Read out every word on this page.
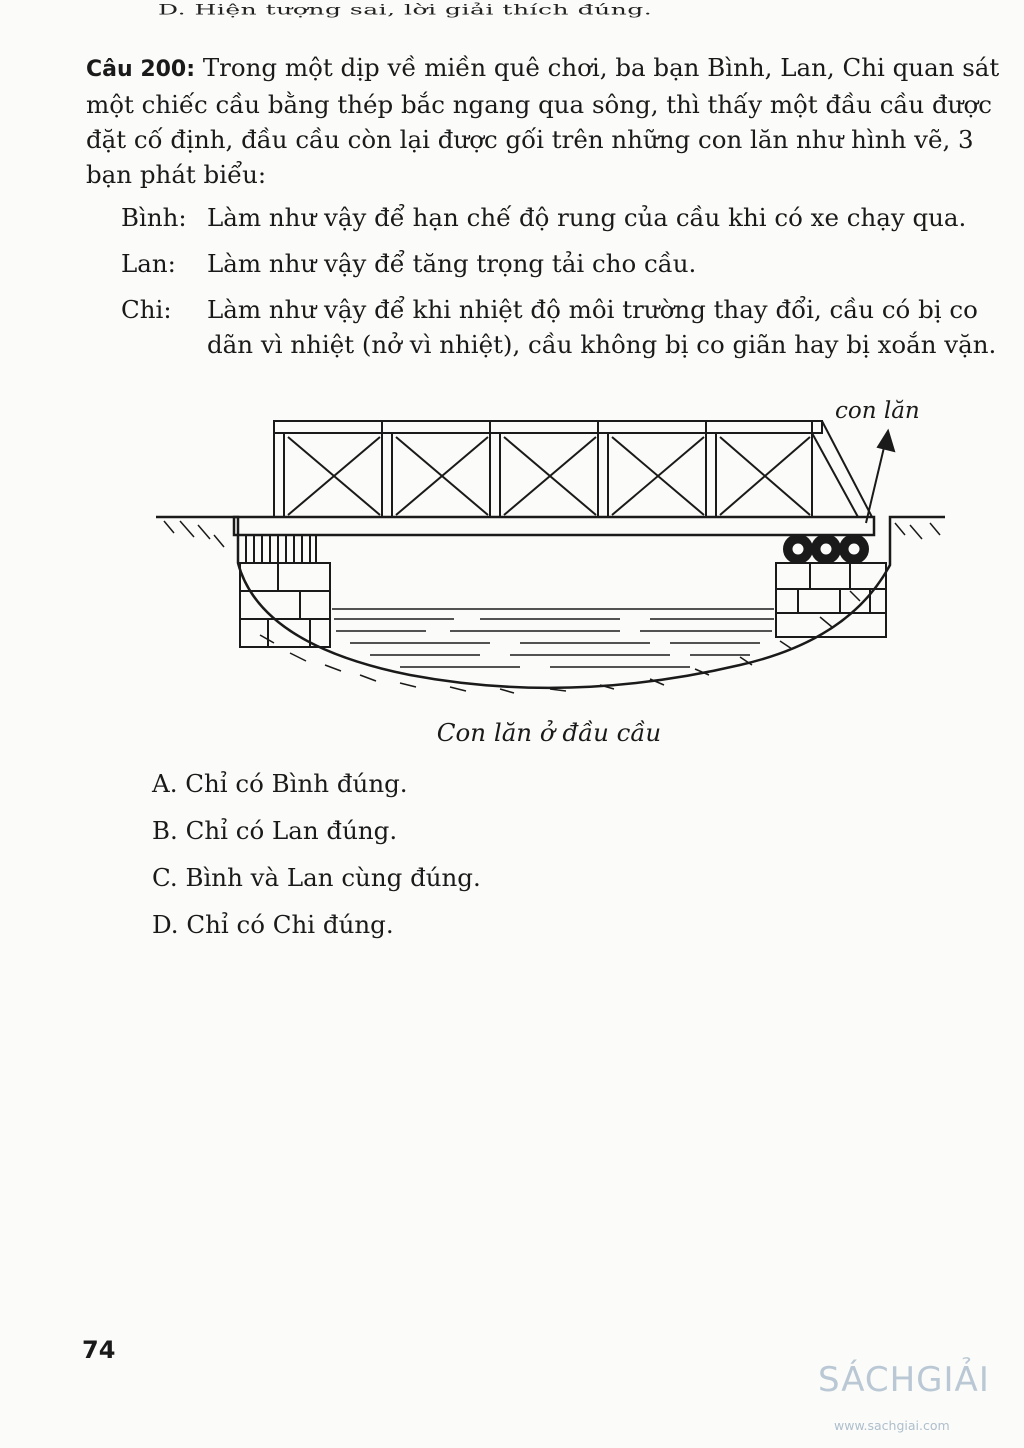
D. Hiện tượng sai, lời giải thích đúng.
Câu 200: Trong một dịp về miền quê chơi, ba bạn Bình, Lan, Chi quan sát một chiếc cầu bằng thép bắc ngang qua sông, thì thấy một đầu cầu được đặt cố định, đầu cầu còn lại được gối trên những con lăn như hình vẽ, 3 bạn phát biểu:
Bình: Làm như vậy để hạn chế độ rung của cầu khi có xe chạy qua.
Lan: Làm như vậy để tăng trọng tải cho cầu.
Chi: Làm như vậy để khi nhiệt độ môi trường thay đổi, cầu có bị co dãn vì nhiệt (nở vì nhiệt), cầu không bị co giãn hay bị xoắn vặn.
con lăn
Con lăn ở đầu cầu
A. Chỉ có Bình đúng.
B. Chỉ có Lan đúng.
C. Bình và Lan cùng đúng.
D. Chỉ có Chi đúng.
74
SÁCHGIẢI
www.sachgiai.com
